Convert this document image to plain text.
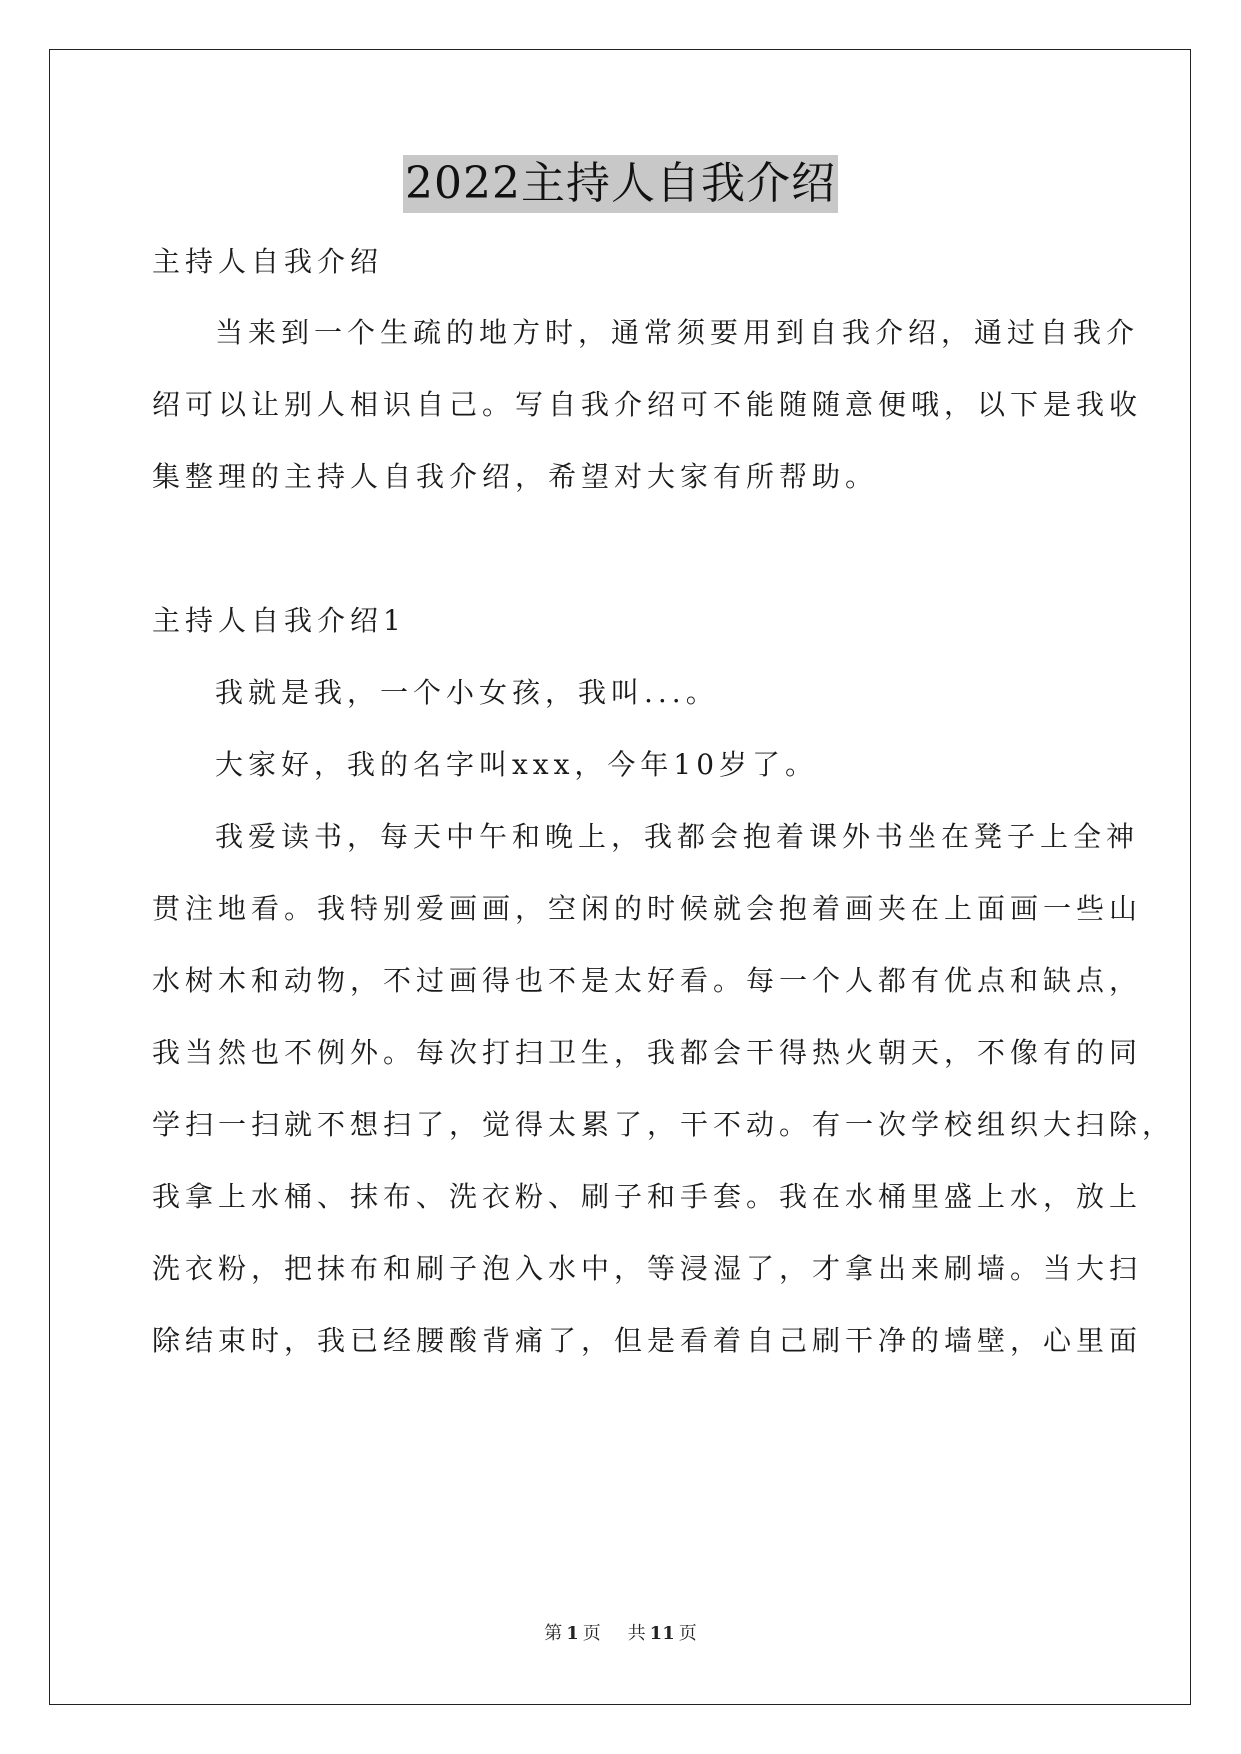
2022主持人自我介绍
主持人自我介绍
当来到一个生疏的地方时，通常须要用到自我介绍，通过自我介
绍可以让别人相识自己。写自我介绍可不能随随意便哦，以下是我收
集整理的主持人自我介绍，希望对大家有所帮助。
主持人自我介绍1
我就是我，一个小女孩，我叫...。
大家好，我的名字叫xxx，今年10岁了。
我爱读书，每天中午和晚上，我都会抱着课外书坐在凳子上全神
贯注地看。我特别爱画画，空闲的时候就会抱着画夹在上面画一些山
水树木和动物，不过画得也不是太好看。每一个人都有优点和缺点，
我当然也不例外。每次打扫卫生，我都会干得热火朝天，不像有的同
学扫一扫就不想扫了，觉得太累了，干不动。有一次学校组织大扫除，
我拿上水桶、抹布、洗衣粉、刷子和手套。我在水桶里盛上水，放上
洗衣粉，把抹布和刷子泡入水中，等浸湿了，才拿出来刷墙。当大扫
除结束时，我已经腰酸背痛了，但是看着自己刷干净的墙壁，心里面
第 1 页 共 11 页
